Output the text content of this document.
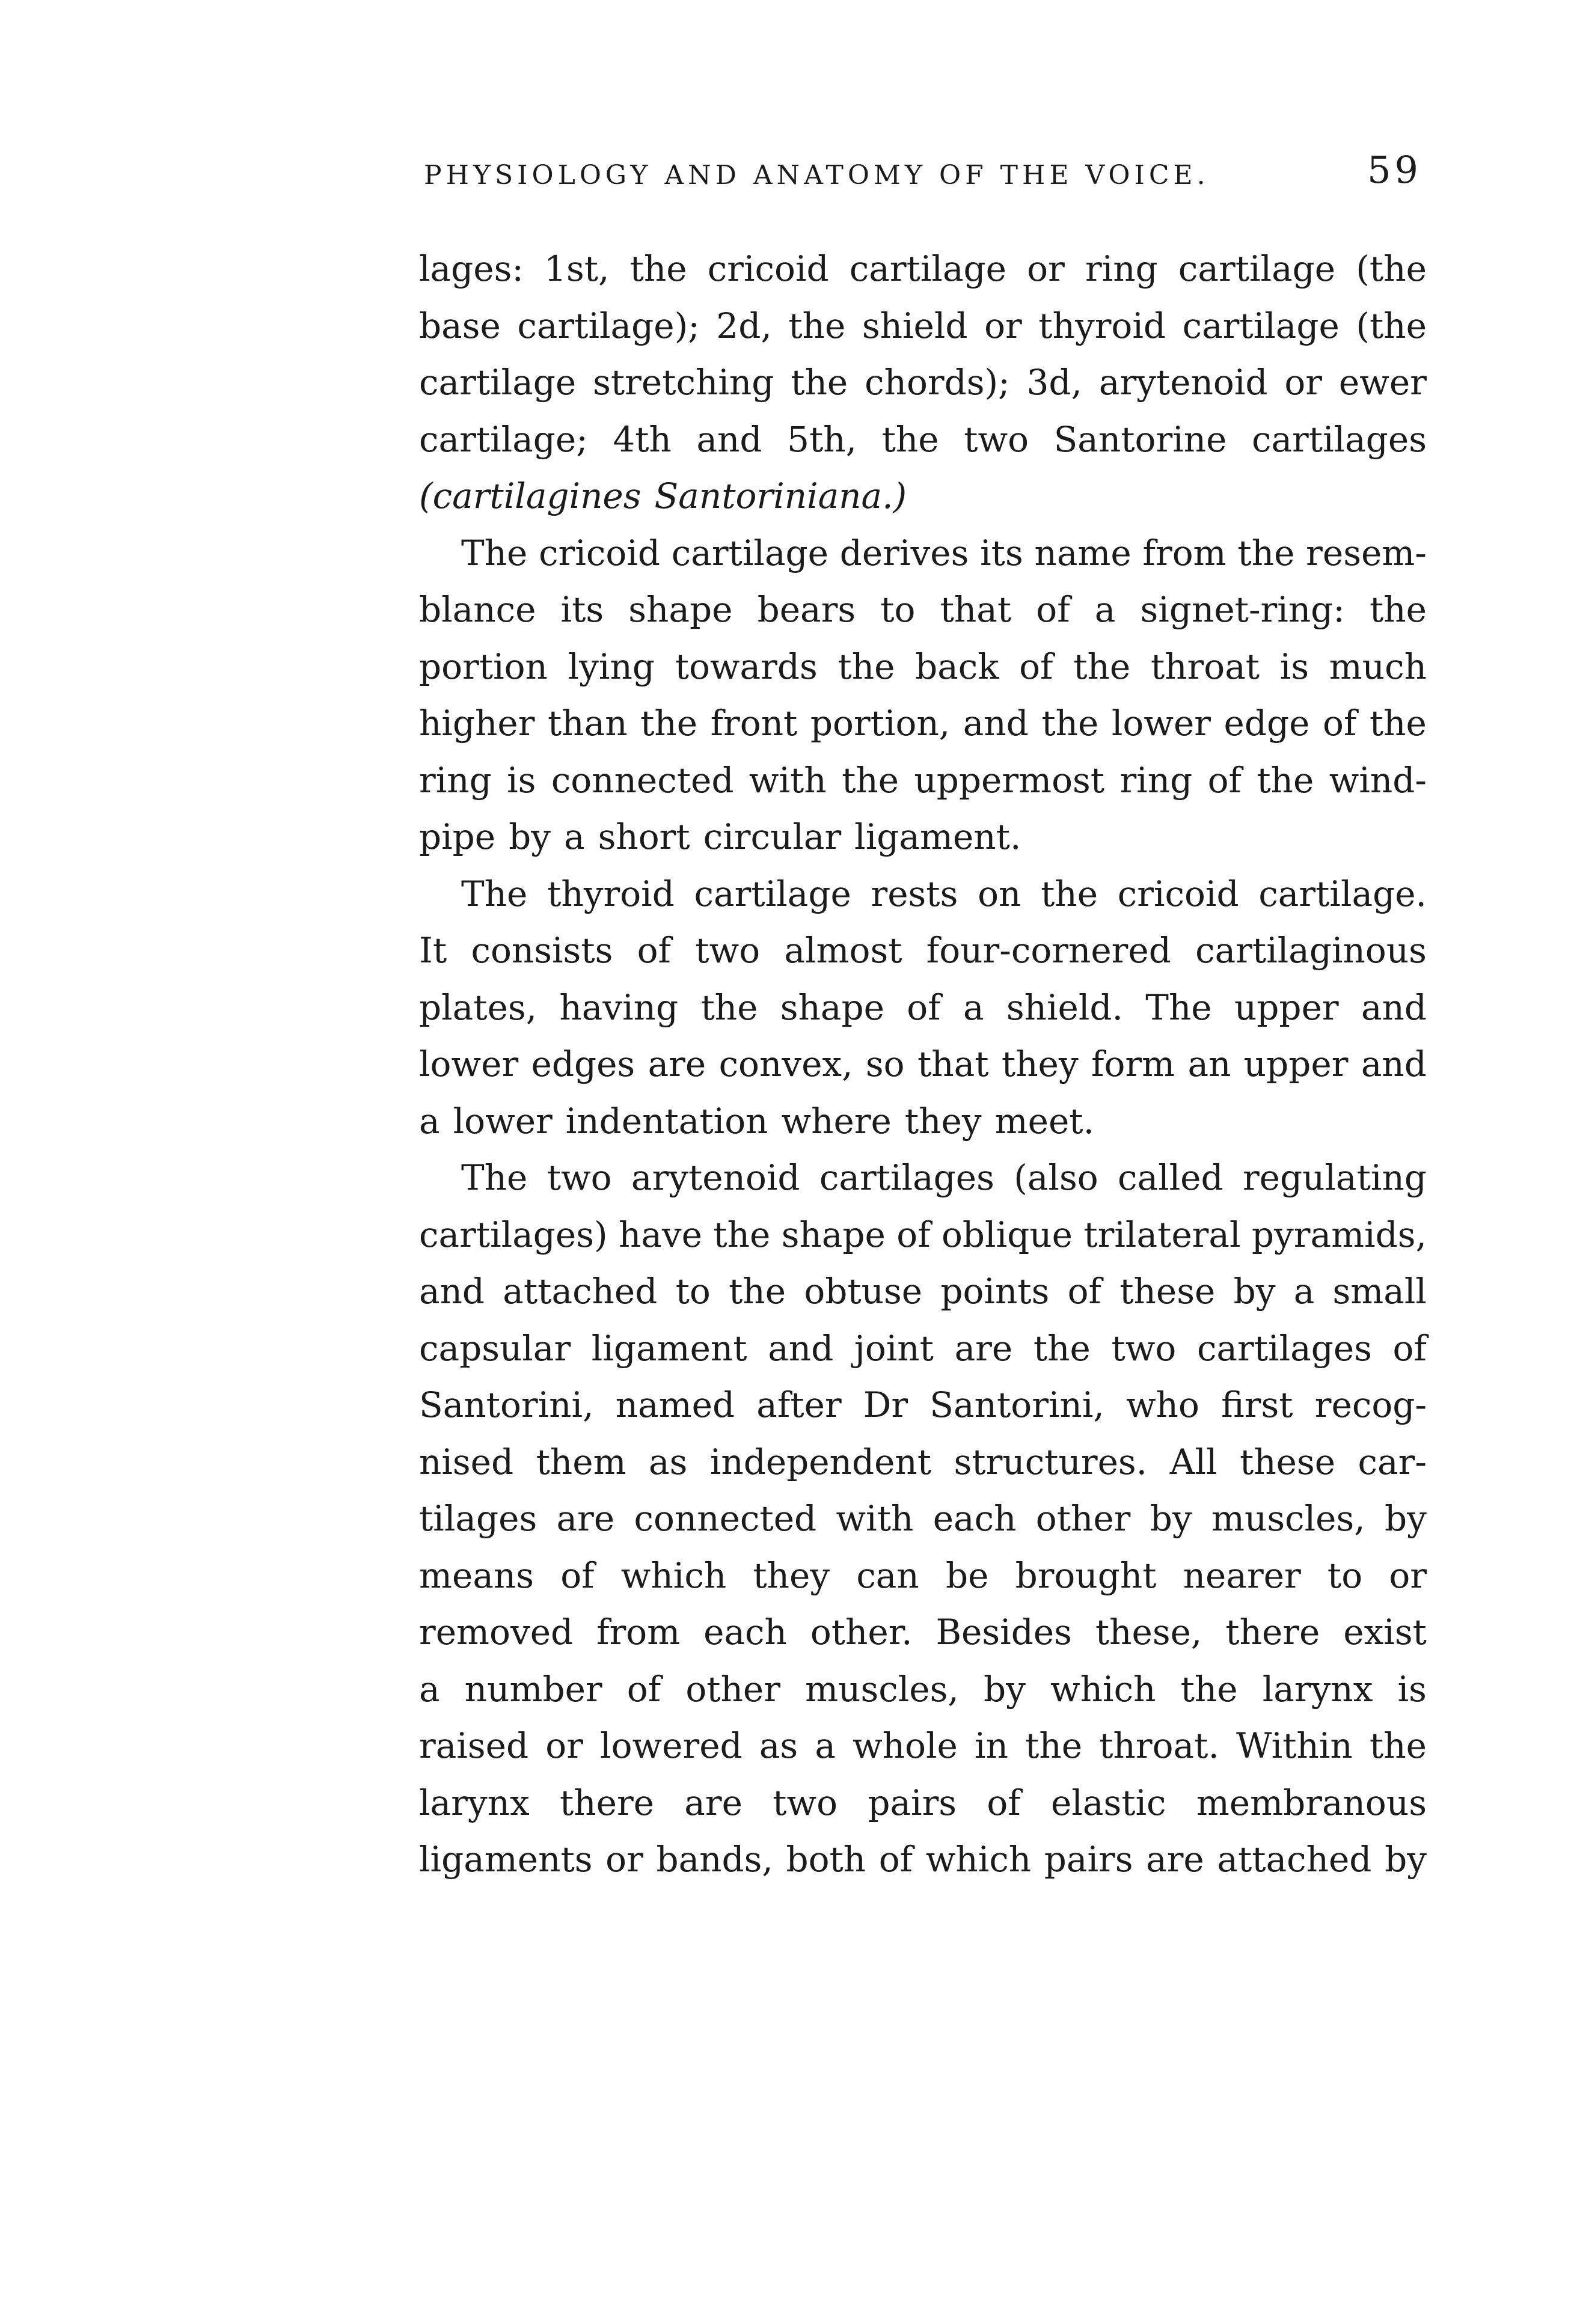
PHYSIOLOGY AND ANATOMY OF THE VOICE.	59
lages: 1st, the cricoid cartilage or ring cartilage (the
base cartilage); 2d, the shield or thyroid cartilage (the
cartilage stretching the chords); 3d, arytenoid or ewer
cartilage; 4th and 5th, the two Santorine cartilages
(cartilagines Santoriniana.)
The cricoid cartilage derives its name from the resem-
blance its shape bears to that of a signet-ring: the
portion lying towards the back of the throat is much
higher than the front portion, and the lower edge of the
ring is connected with the uppermost ring of the wind-
pipe by a short circular ligament.
The thyroid cartilage rests on the cricoid cartilage.
It consists of two almost four-cornered cartilaginous
plates, having the shape of a shield. The upper and
lower edges are convex, so that they form an upper and
a lower indentation where they meet.
The two arytenoid cartilages (also called regulating
cartilages) have the shape of oblique trilateral pyramids,
and attached to the obtuse points of these by a small
capsular ligament and joint are the two cartilages of
Santorini, named after Dr Santorini, who first recog-
nised them as independent structures. All these car-
tilages are connected with each other by muscles, by
means of which they can be brought nearer to or
removed from each other. Besides these, there exist
a number of other muscles, by which the larynx is
raised or lowered as a whole in the throat. Within the
larynx there are two pairs of elastic membranous
ligaments or bands, both of which pairs are attached by
